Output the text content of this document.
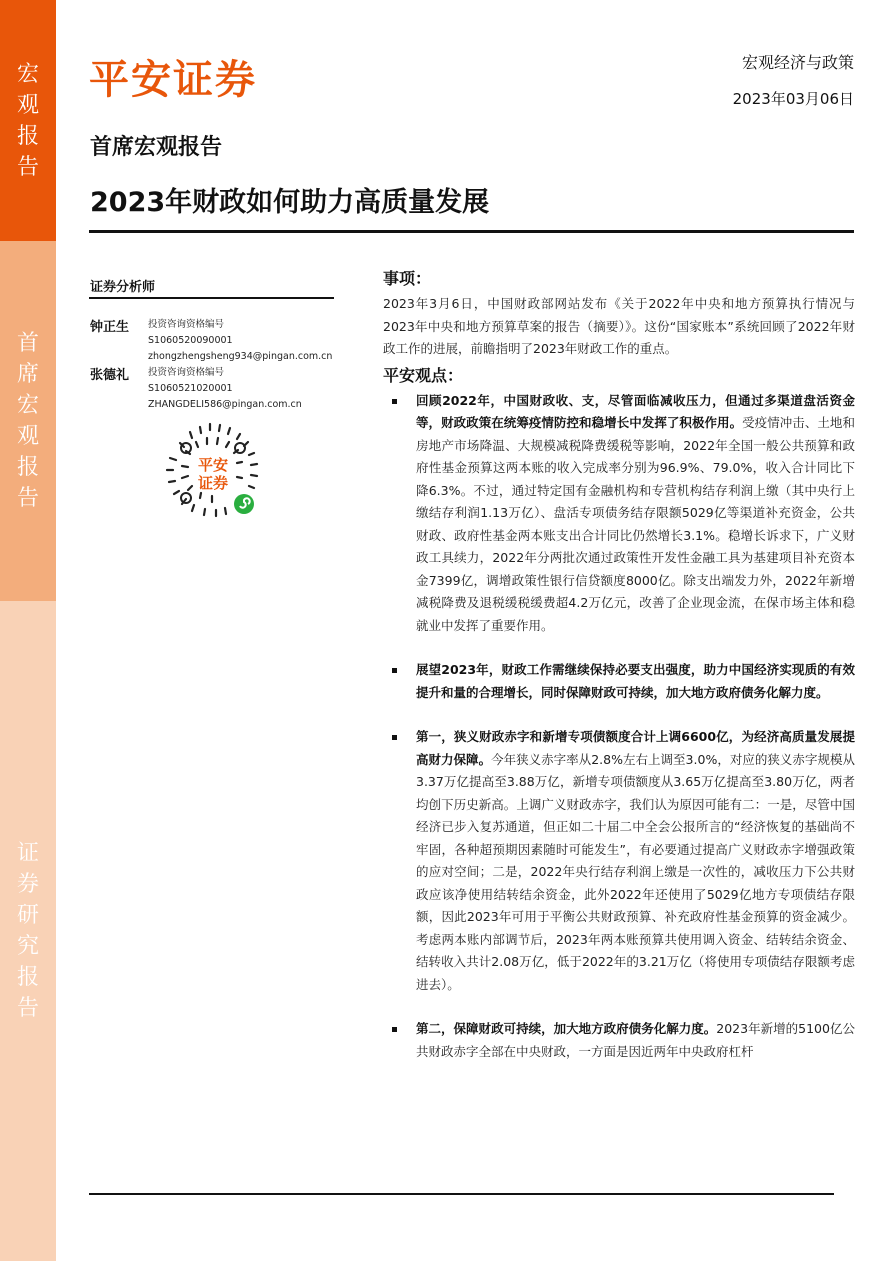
宏观报告
首席宏观报告
证券研究报告
平安证券	宏观经济与政策
2023年03月06日
首席宏观报告
2023年财政如何助力高质量发展
证券分析师
钟正生 投资咨询资格编号
S1060520090001
zhongzhengsheng934@pingan.com.cn
张德礼 投资咨询资格编号
S1060521020001
ZHANGDELI586@pingan.com.cn
平安
证券
事项：

2023年3月6日，中国财政部网站发布《关于2022年中央和地方预算执行情况与2023年中央和地方预算草案的报告（摘要）》。这份“国家账本”系统回顾了2022年财政工作的进展，前瞻指明了2023年财政工作的重点。

平安观点：
回顾2022年，中国财政收、支，尽管面临减收压力，但通过多渠道盘活资金等，财政政策在统筹疫情防控和稳增长中发挥了积极作用。受疫情冲击、土地和房地产市场降温、大规模减税降费缓税等影响，2022年全国一般公共预算和政府性基金预算这两本账的收入完成率分别为96.9%、79.0%，收入合计同比下降6.3%。不过，通过特定国有金融机构和专营机构结存利润上缴（其中央行上缴结存利润1.13万亿）、盘活专项债务结存限额5029亿等渠道补充资金，公共财政、政府性基金两本账支出合计同比仍然增长3.1%。稳增长诉求下，广义财政工具续力，2022年分两批次通过政策性开发性金融工具为基建项目补充资本金7399亿，调增政策性银行信贷额度8000亿。除支出端发力外，2022年新增减税降费及退税缓税缓费超4.2万亿元，改善了企业现金流，在保市场主体和稳就业中发挥了重要作用。
展望2023年，财政工作需继续保持必要支出强度，助力中国经济实现质的有效提升和量的合理增长，同时保障财政可持续，加大地方政府债务化解力度。
第一，狭义财政赤字和新增专项债额度合计上调6600亿，为经济高质量发展提高财力保障。今年狭义赤字率从2.8%左右上调至3.0%，对应的狭义赤字规模从3.37万亿提高至3.88万亿，新增专项债额度从3.65万亿提高至3.80万亿，两者均创下历史新高。上调广义财政赤字，我们认为原因可能有二：一是，尽管中国经济已步入复苏通道，但正如二十届二中全会公报所言的“经济恢复的基础尚不牢固，各种超预期因素随时可能发生”，有必要通过提高广义财政赤字增强政策的应对空间；二是，2022年央行结存利润上缴是一次性的，减收压力下公共财政应该净使用结转结余资金，此外2022年还使用了5029亿地方专项债结存限额，因此2023年可用于平衡公共财政预算、补充政府性基金预算的资金减少。考虑两本账内部调节后，2023年两本账预算共使用调入资金、结转结余资金、结转收入共计2.08万亿，低于2022年的3.21万亿（将使用专项债结存限额考虑进去）。
第二，保障财政可持续，加大地方政府债务化解力度。2023年新增的5100亿公共财政赤字全部在中央财政，一方面是因近两年中央政府杠杆
